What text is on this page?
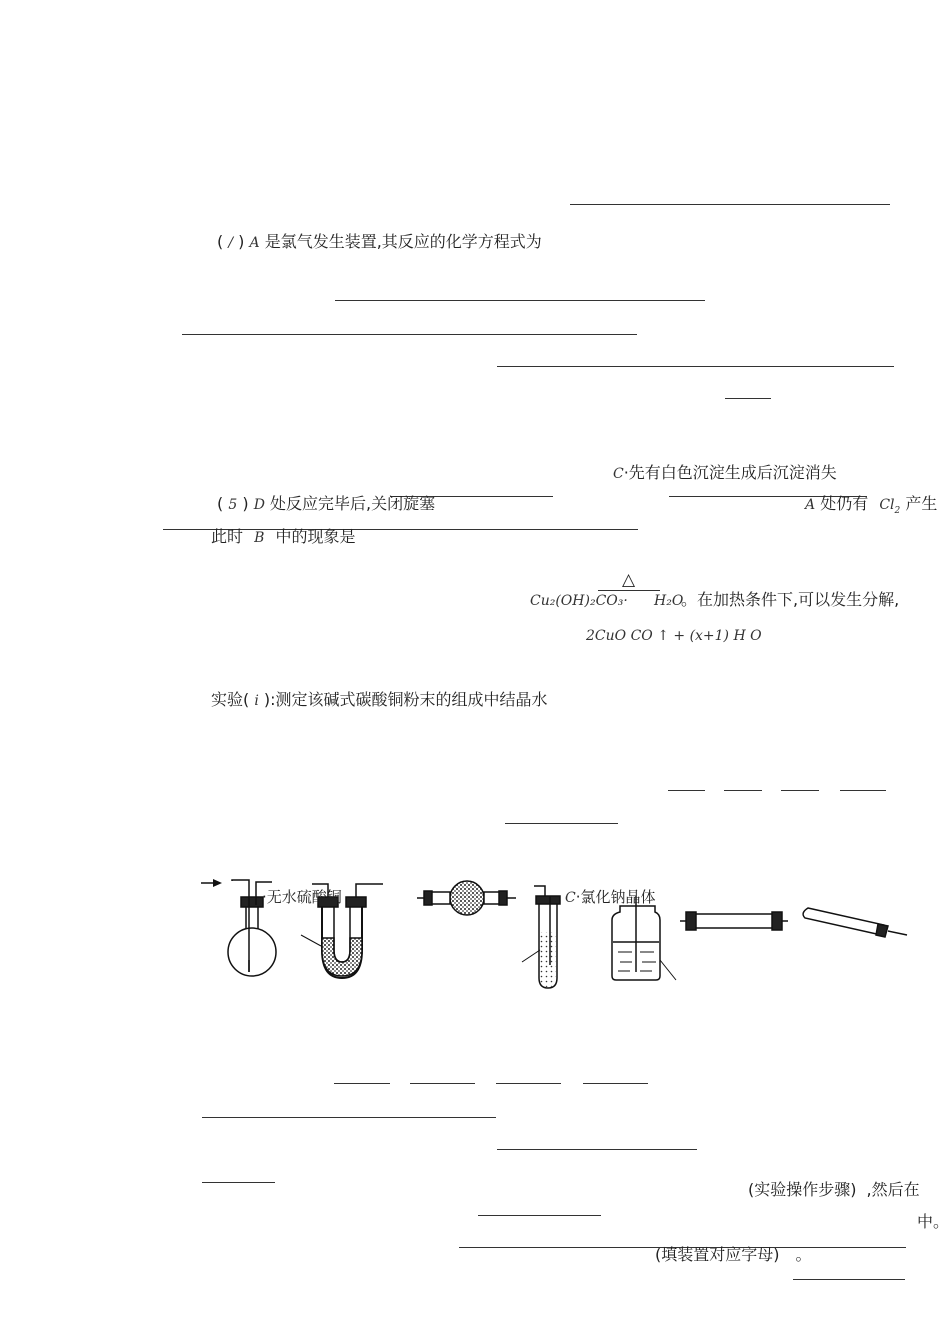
( / ) A 是氯气发生装置,其反应的化学方程式为
C·先有白色沉淀生成后沉淀消失
( 5 ) D 处反应完毕后,关闭旋塞	A 处仍有 $Cl_2$ 产生
此时 B 中的现象是
Cu₂(OH)₂CO₃·
△
H₂O
。在加热条件下,可以发生分解,
2CuO CO ↑ + (x+1) H O
实验( i ):测定该碱式碳酸铜粉末的组成中结晶水
·无水硫酸铜	C·氯化钠晶体
(实验操作步骤) ,然后在
中。
(填装置对应字母) 。
